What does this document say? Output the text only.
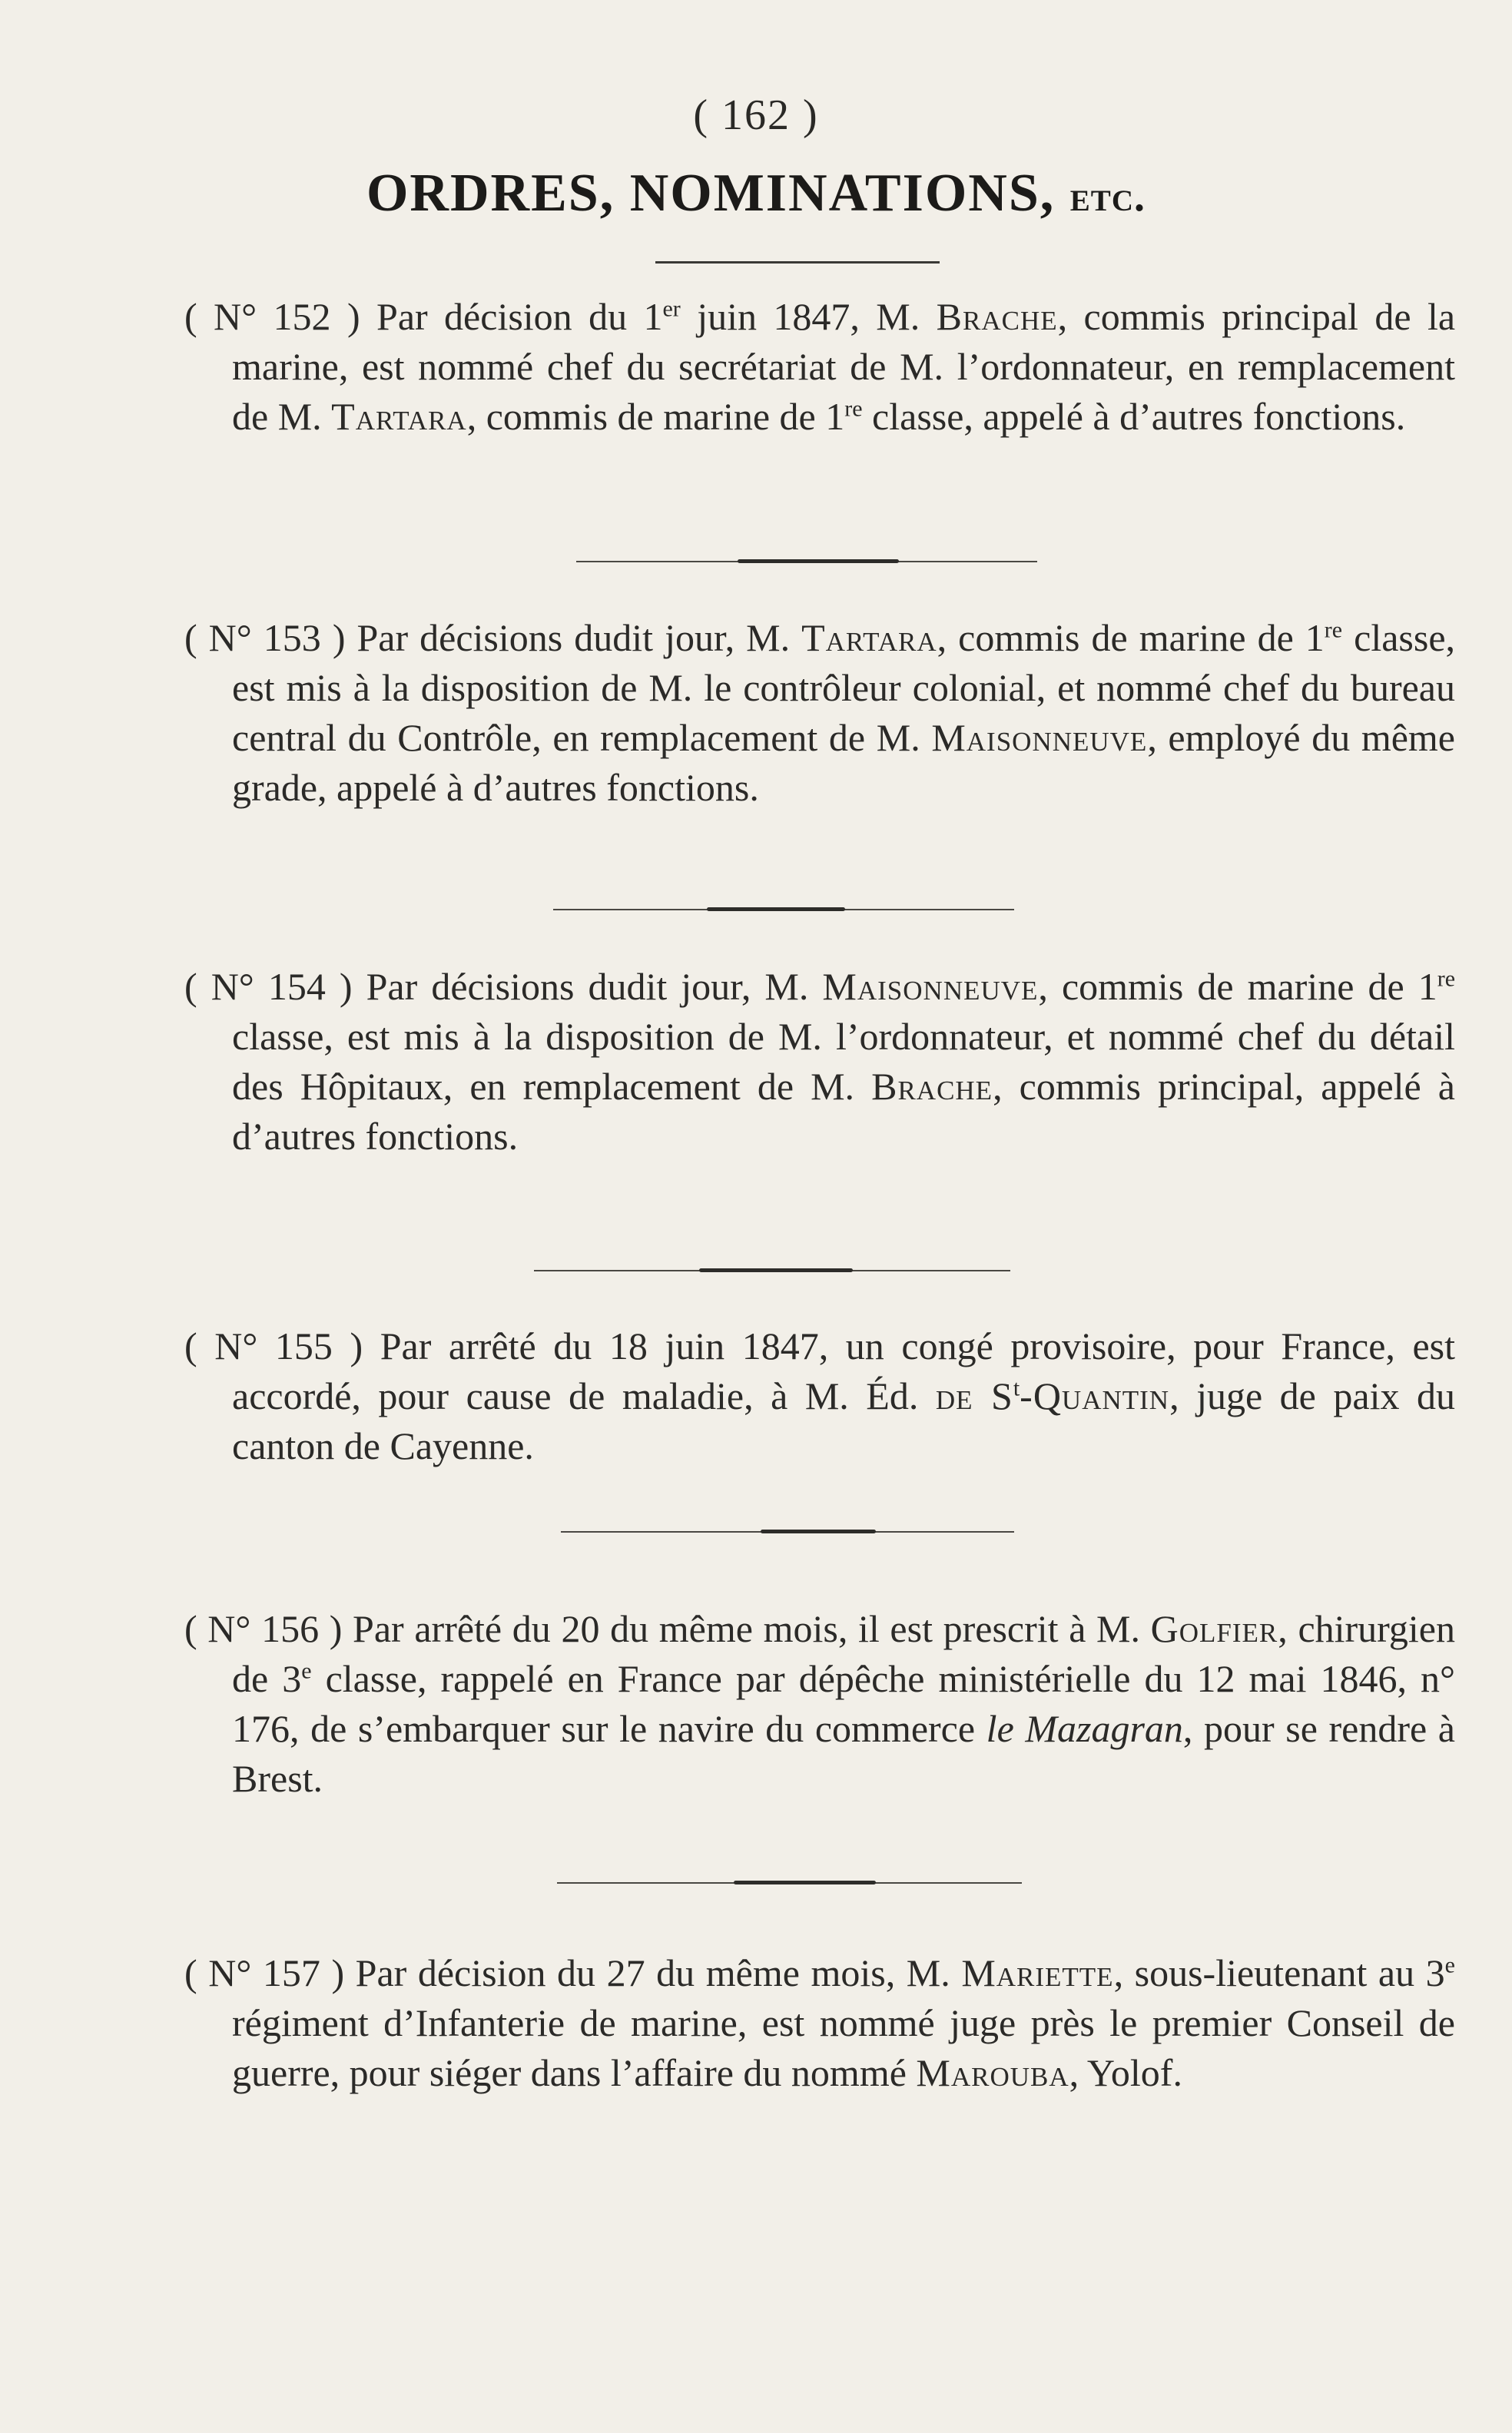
( 162 )
ORDRES, NOMINATIONS, etc.

( N° 152 ) Par décision du 1er juin 1847, M. Brache, commis principal de la marine, est nommé chef du secrétariat de M. l’ordonnateur, en remplacement de M. Tartara, commis de marine de 1re classe, appelé à d’autres fonctions.

( N° 153 ) Par décisions dudit jour, M. Tartara, commis de marine de 1re classe, est mis à la disposition de M. le contrôleur colonial, et nommé chef du bureau central du Contrôle, en remplacement de M. Maisonneuve, employé du même grade, appelé à d’autres fonctions.

( N° 154 ) Par décisions dudit jour, M. Maisonneuve, commis de marine de 1re classe, est mis à la disposition de M. l’ordonnateur, et nommé chef du détail des Hôpitaux, en remplacement de M. Brache, commis principal, appelé à d’autres fonctions.

( N° 155 ) Par arrêté du 18 juin 1847, un congé provisoire, pour France, est accordé, pour cause de maladie, à M. Éd. de $S^t$-Quantin, juge de paix du canton de Cayenne.

( N° 156 ) Par arrêté du 20 du même mois, il est prescrit à M. Golfier, chirurgien de 3e classe, rappelé en France par dépêche ministérielle du 12 mai 1846, n° 176, de s’embarquer sur le navire du commerce le Mazagran, pour se rendre à Brest.

( N° 157 ) Par décision du 27 du même mois, M. Mariette, sous-lieutenant au 3e régiment d’Infanterie de marine, est nommé juge près le premier Conseil de guerre, pour siéger dans l’affaire du nommé Marouba, Yolof.
